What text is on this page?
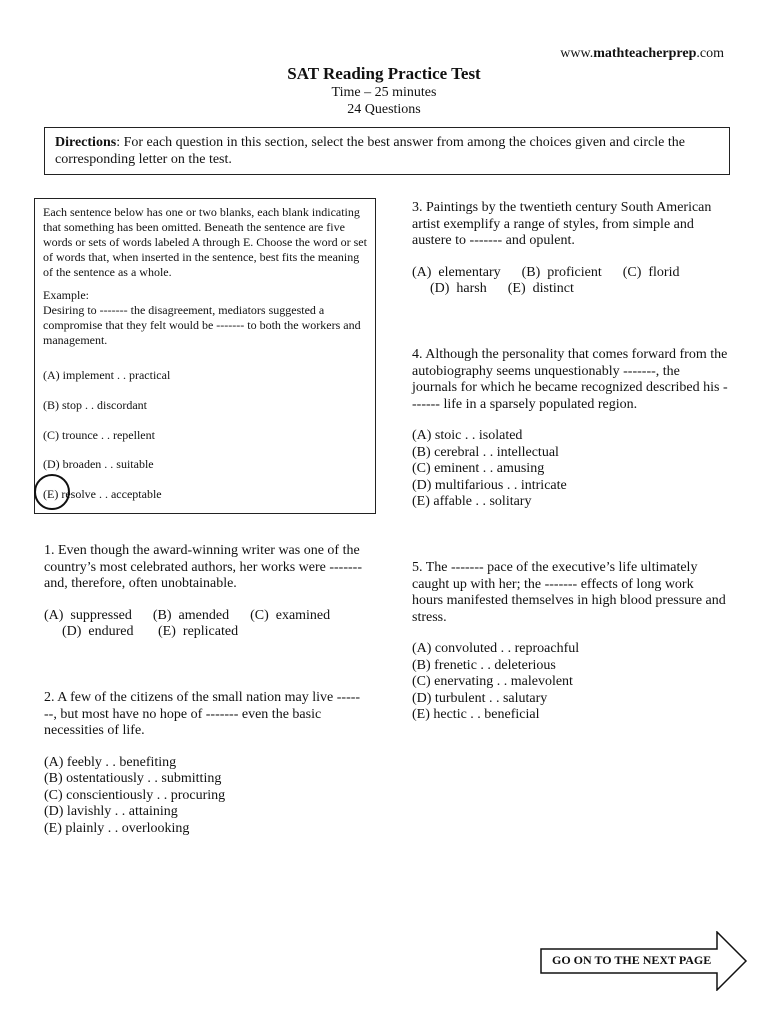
www.mathteacherprep.com
SAT Reading Practice Test
Time – 25 minutes
24 Questions
Directions: For each question in this section, select the best answer from among the choices given and circle the corresponding letter on the test.

Each sentence below has one or two blanks, each blank indicating that something has been omitted. Beneath the sentence are five words or sets of words labeled A through E. Choose the word or set of words that, when inserted in the sentence, best fits the meaning of the sentence as a whole.

Example:

Desiring to ------- the disagreement, mediators suggested a compromise that they felt would be ------- to both the workers and management.

(A) implement . . practical
(B) stop . . discordant
(C) trounce . . repellent
(D) broaden . . suitable
(E) resolve . . acceptable

1. Even though the award-winning writer was one of the country’s most celebrated authors, her works were ------- and, therefore, often unobtainable.

(A)  suppressed      (B)  amended      (C)  examined

(D)  endured       (E)  replicated

2. A few of the citizens of the small nation may live -------, but most have no hope of ------- even the basic necessities of life.

(A) feebly . . benefiting

(B) ostentatiously . . submitting

(C) conscientiously . . procuring

(D) lavishly . . attaining

(E) plainly . . overlooking

3. Paintings by the twentieth century South American artist exemplify a range of styles, from simple and austere to ------- and opulent.

(A)  elementary      (B)  proficient      (C)  florid

(D)  harsh      (E)  distinct

4. Although the personality that comes forward from the autobiography seems unquestionably -------, the journals for which he became recognized described his ------- life in a sparsely populated region.

(A) stoic . . isolated

(B) cerebral . . intellectual

(C) eminent . . amusing

(D) multifarious . . intricate

(E) affable . . solitary

5. The ------- pace of the executive’s life ultimately caught up with her; the ------- effects of long work hours manifested themselves in high blood pressure and stress.

(A) convoluted . . reproachful

(B) frenetic . . deleterious

(C) enervating . . malevolent

(D) turbulent . . salutary

(E) hectic . . beneficial

GO ON TO THE NEXT PAGE
